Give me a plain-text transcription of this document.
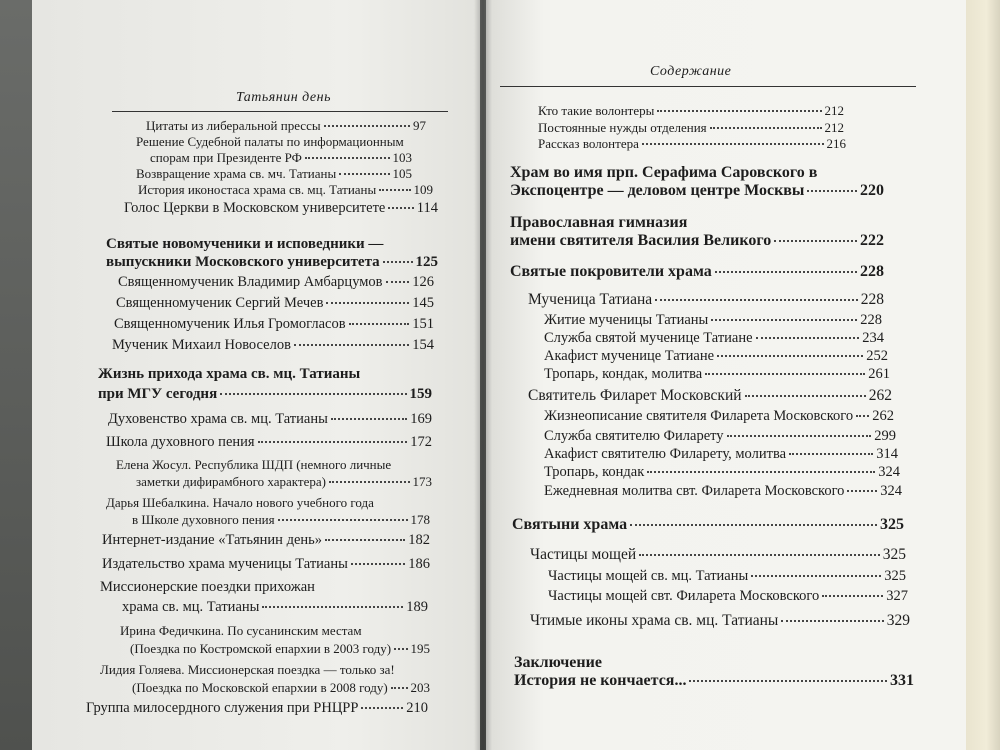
Татьянин день
Цитаты из либеральной прессы	97
Решение Судебной палаты по информационным
спорам при Президенте РФ	103
Возвращение храма св. мч. Татианы	105
История иконостаса храма св. мц. Татианы	109
Голос Церкви в Московском университете 114
Святые новомученики и исповедники —
выпускники Московского университета 125
Священномученик Владимир Амбарцумов 126
Священномученик Сергий Мечев	145
Священномученик Илья Громогласов	151
Мученик Михаил Новоселов	154
Жизнь прихода храма св. мц. Татианы
при МГУ сегодня	159
Духовенство храма св. мц. Татианы	169
Школа духовного пения	172
Елена Жосул. Республика ШДП (немного личные
заметки дифирамбного характера)	173
Дарья Шебалкина. Начало нового учебного года
в Школе духовного пения	178
Интернет-издание «Татьянин день»	182
Издательство храма мученицы Татианы	186
Миссионерские поездки прихожан
храма св. мц. Татианы	189
Ирина Федичкина. По сусанинским местам
(Поездка по Костромской епархии в 2003 году) 195
Лидия Голяева. Миссионерская поездка — только за!
(Поездка по Московской епархии в 2008 году) 203
Группа милосердного служения при РНЦРР	210
Содержание
Кто такие волонтеры	212
Постоянные нужды отделения	212
Рассказ волонтера	216
Храм во имя прп. Серафима Саровского в
Экспоцентре — деловом центре Москвы	220
Православная гимназия
имени святителя Василия Великого	222
Святые покровители храма	228
Мученица Татиана	228
Житие мученицы Татианы	228
Служба святой мученице Татиане	234
Акафист мученице Татиане	252
Тропарь, кондак, молитва	261
Святитель Филарет Московский	262
Жизнеописание святителя Филарета Московского 262
Служба святителю Филарету	299
Акафист святителю Филарету, молитва	314
Тропарь, кондак	324
Ежедневная молитва свт. Филарета Московского 324
Святыни храма	325
Частицы мощей	325
Частицы мощей св. мц. Татианы	325
Частицы мощей свт. Филарета Московского	327
Чтимые иконы храма св. мц. Татианы	329
Заключение
История не кончается...	331
